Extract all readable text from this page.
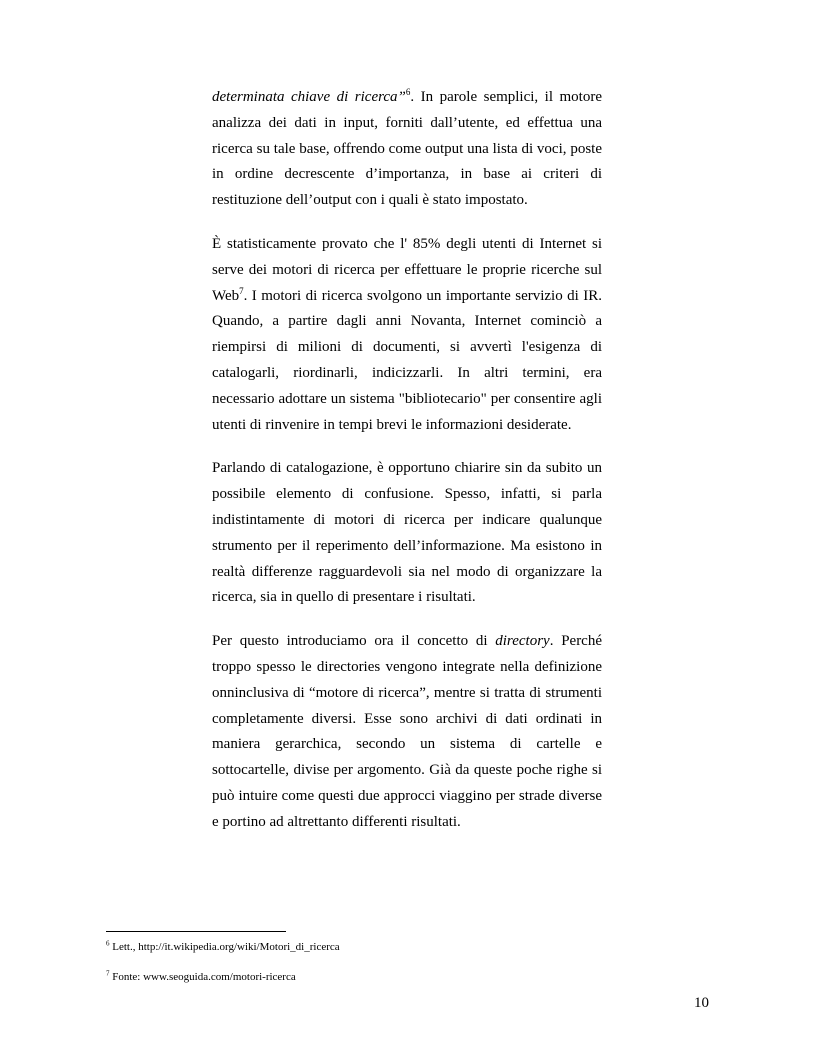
determinata chiave di ricerca”$^6$. In parole semplici, il motore analizza dei dati in input, forniti dall’utente, ed effettua una ricerca su tale base, offrendo come output una lista di voci, poste in ordine decrescente d’importanza, in base ai criteri di restituzione dell’output con i quali è stato impostato.

È statisticamente provato che l' 85% degli utenti di Internet si serve dei motori di ricerca per effettuare le proprie ricerche sul Web$^7$. I motori di ricerca svolgono un importante servizio di IR. Quando, a partire dagli anni Novanta, Internet cominciò a riempirsi di milioni di documenti, si avvertì l'esigenza di catalogarli, riordinarli, indicizzarli. In altri termini, era necessario adottare un sistema "bibliotecario" per consentire agli utenti di rinvenire in tempi brevi le informazioni desiderate.

Parlando di catalogazione, è opportuno chiarire sin da subito un possibile elemento di confusione. Spesso, infatti, si parla indistintamente di motori di ricerca per indicare qualunque strumento per il reperimento dell’informazione. Ma esistono in realtà differenze ragguardevoli sia nel modo di organizzare la ricerca, sia in quello di presentare i risultati.

Per questo introduciamo ora il concetto di directory. Perché troppo spesso le directories vengono integrate nella definizione onninclusiva di “motore di ricerca”, mentre si tratta di strumenti completamente diversi. Esse sono archivi di dati ordinati in maniera gerarchica, secondo un sistema di cartelle e sottocartelle, divise per argomento. Già da queste poche righe si può intuire come questi due approcci viaggino per strade diverse e portino ad altrettanto differenti risultati.

$^6$ Lett., http://it.wikipedia.org/wiki/Motori_di_ricerca
$^7$ Fonte: www.seoguida.com/motori-ricerca
10
